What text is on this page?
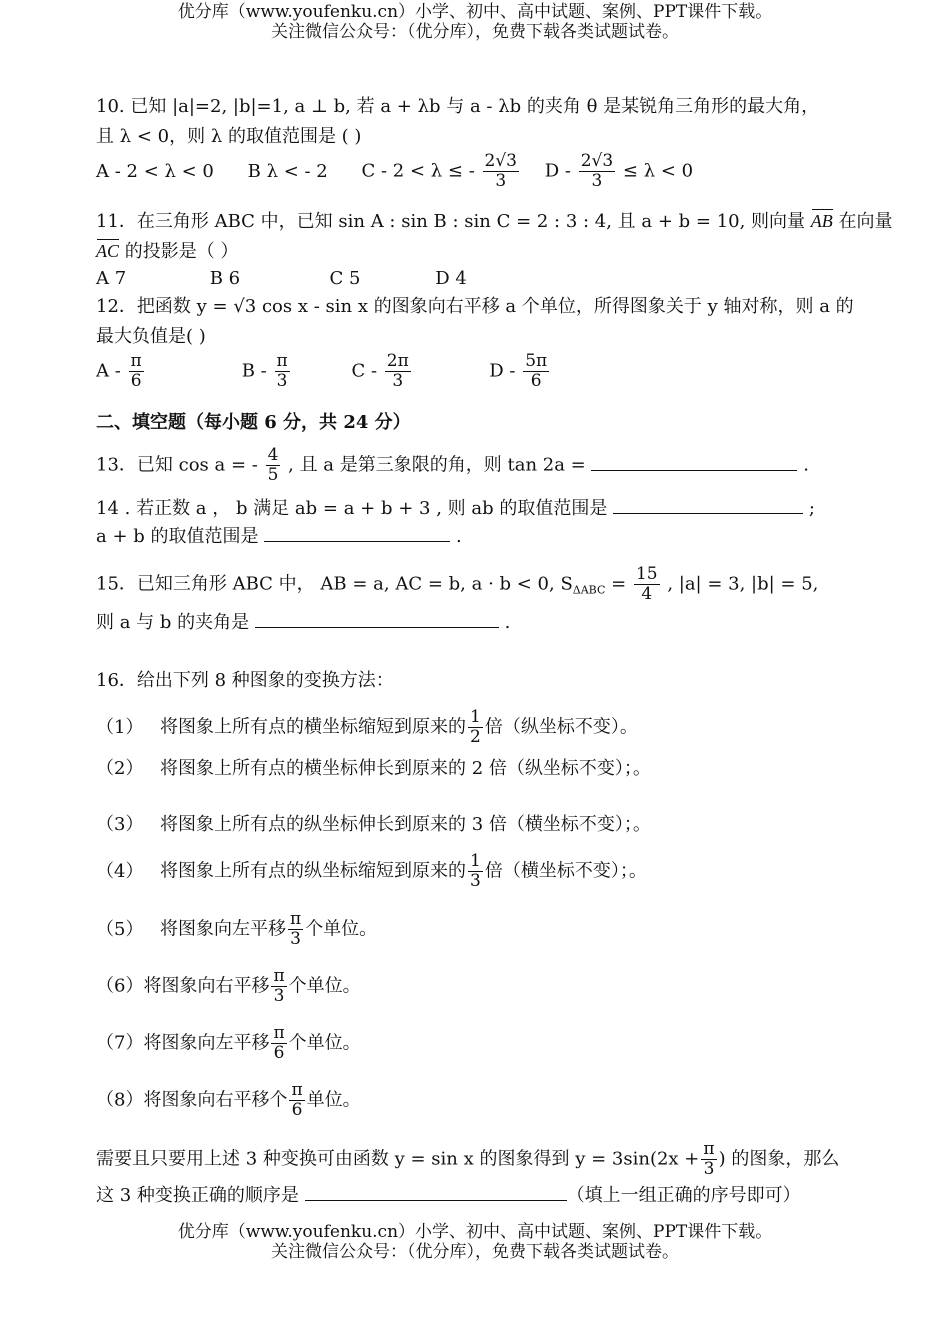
优分库（www.youfenku.cn）小学、初中、高中试题、案例、PPT课件下载。
关注微信公众号：（优分库），免费下载各类试题试卷。
10. 已知 |a|=2, |b|=1, a ⊥ b, 若 a + λb 与 a - λb 的夹角 θ 是某锐角三角形的最大角，
且 λ < 0，则 λ 的取值范围是 ( )
A - 2 < λ < 0 B λ < - 2 C - 2 < λ ≤ - $\frac{2√3}{3}$ $D - \frac{2√3}{3} \le \lambda < 0$
11．在三角形 ABC 中，已知 sin A : sin B : sin C = 2 : 3 : 4, 且 a + b = 10, 则向量 AB 在向量
AC 的投影是（ ）
A 7	B 6	C 5	D 4
12．把函数 y = √3 cos x - sin x 的图象向右平移 a 个单位，所得图象关于 y 轴对称，则 a 的
最大负值是( )
A - $\frac{\pi}{6}$	B - $\frac{\pi}{3}$	C - $\frac{2\pi}{3}$	D - $\frac{5\pi}{6}$
二、填空题（每小题 6 分，共 24 分）
13．已知 cos a = - $\frac{4}{5}$ , 且 a 是第三象限的角，则 tan 2a =	.
14 . 若正数 a ， b 满足 ab = a + b + 3 , 则 ab 的取值范围是	;
a + b 的取值范围是	.
15．已知三角形 ABC 中， AB = a, AC = b, a · b < 0, $S_{\Delta ABC} = \frac{15}{4}$ , |a| = 3, |b| = 5,
则 a 与 b 的夹角是	.
16．给出下列 8 种图象的变换方法：
（1） 将图象上所有点的横坐标缩短到原来的 $\frac{1}{2}$ 倍（纵坐标不变）。
（2） 将图象上所有点的横坐标伸长到原来的 2 倍（纵坐标不变）；。
（3） 将图象上所有点的纵坐标伸长到原来的 3 倍（横坐标不变）；。
（4） 将图象上所有点的纵坐标缩短到原来的 $\frac{1}{3}$ 倍（横坐标不变）；。
（5） 将图象向左平移 $\frac{\pi}{3}$ 个单位。
（6）将图象向右平移 $\frac{\pi}{3}$ 个单位。
（7）将图象向左平移 $\frac{\pi}{6}$ 个单位。
（8）将图象向右平移个 $\frac{\pi}{6}$ 单位。
需要且只要用上述 3 种变换可由函数 y = sin x 的图象得到 $y = 3\sin(2x + \frac{\pi}{3}$ ) 的图象，那么
这 3 种变换正确的顺序是	（填上一组正确的序号即可）
优分库（www.youfenku.cn）小学、初中、高中试题、案例、PPT课件下载。
关注微信公众号：（优分库），免费下载各类试题试卷。
